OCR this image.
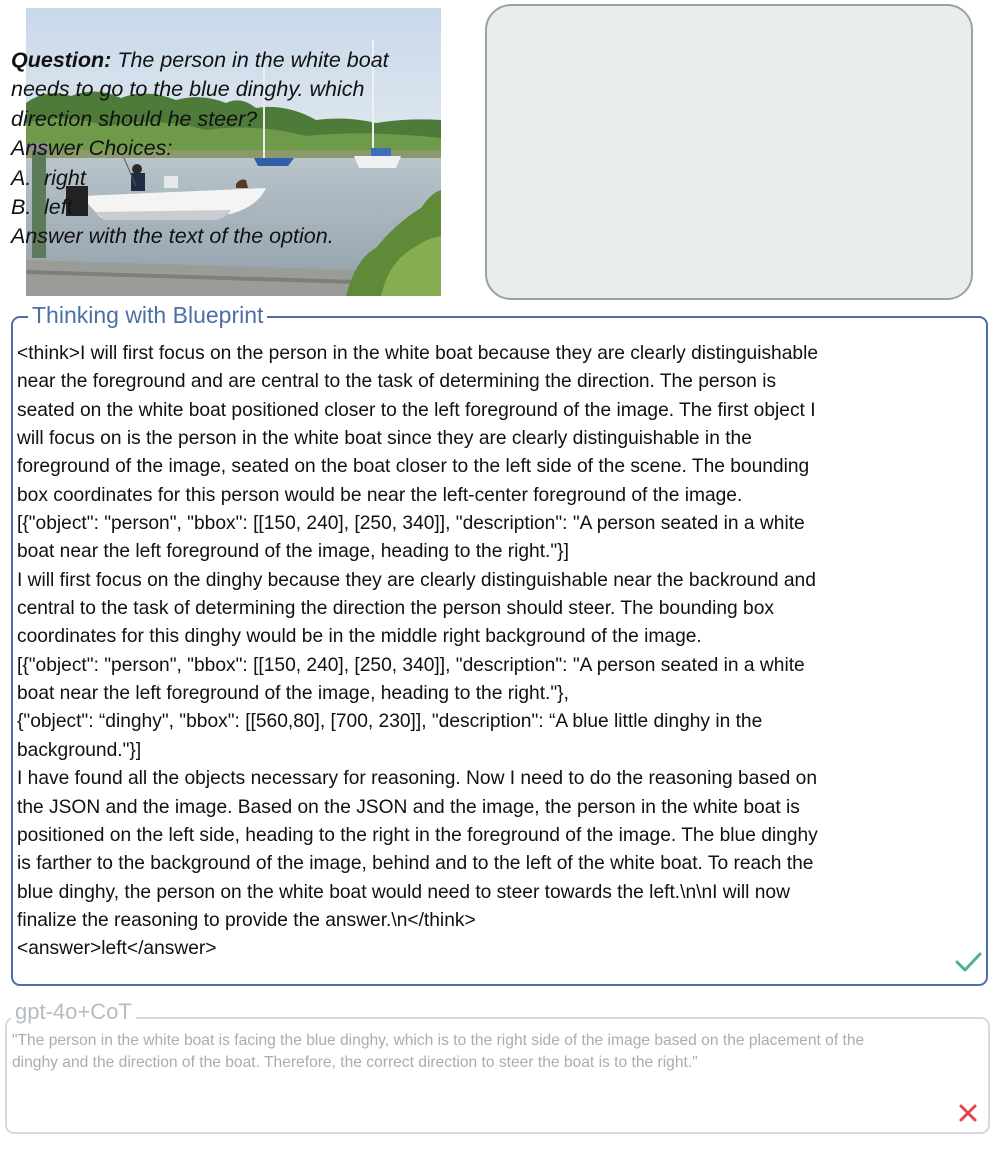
Question: The person in the white boat
needs to go to the blue dinghy. which
direction should he steer?
Answer Choices:
A. right
B. left
Answer with the text of the option.
Thinking with Blueprint
<think>I will first focus on the person in the white boat because they are clearly distinguishable
near the foreground and are central to the task of determining the direction. The person is
seated on the white boat positioned closer to the left foreground of the image. The first object I
will focus on is the person in the white boat since they are clearly distinguishable in the
foreground of the image, seated on the boat closer to the left side of the scene. The bounding
box coordinates for this person would be near the left-center foreground of the image.
[{"object": "person", "bbox": [[150, 240], [250, 340]], "description": "A person seated in a white
boat near the left foreground of the image, heading to the right."}]
I will first focus on the dinghy because they are clearly distinguishable near the backround and
central to the task of determining the direction the person should steer. The bounding box
coordinates for this dinghy would be in the middle right background of the image.
[{"object": "person", "bbox": [[150, 240], [250, 340]], "description": "A person seated in a white
boat near the left foreground of the image, heading to the right."},
{"object": “dinghy", "bbox": [[560,80], [700, 230]], "description": “A blue little dinghy in the
background."}]
I have found all the objects necessary for reasoning. Now I need to do the reasoning based on
the JSON and the image. Based on the JSON and the image, the person in the white boat is
positioned on the left side, heading to the right in the foreground of the image. The blue dinghy
is farther to the background of the image, behind and to the left of the white boat. To reach the
blue dinghy, the person on the white boat would need to steer towards the left.\n\nI will now
finalize the reasoning to provide the answer.\n</think>
<answer>left</answer>
gpt-4o+CoT
"The person in the white boat is facing the blue dinghy, which is to the right side of the image based on the placement of the
dinghy and the direction of the boat. Therefore, the correct direction to steer the boat is to the right."
